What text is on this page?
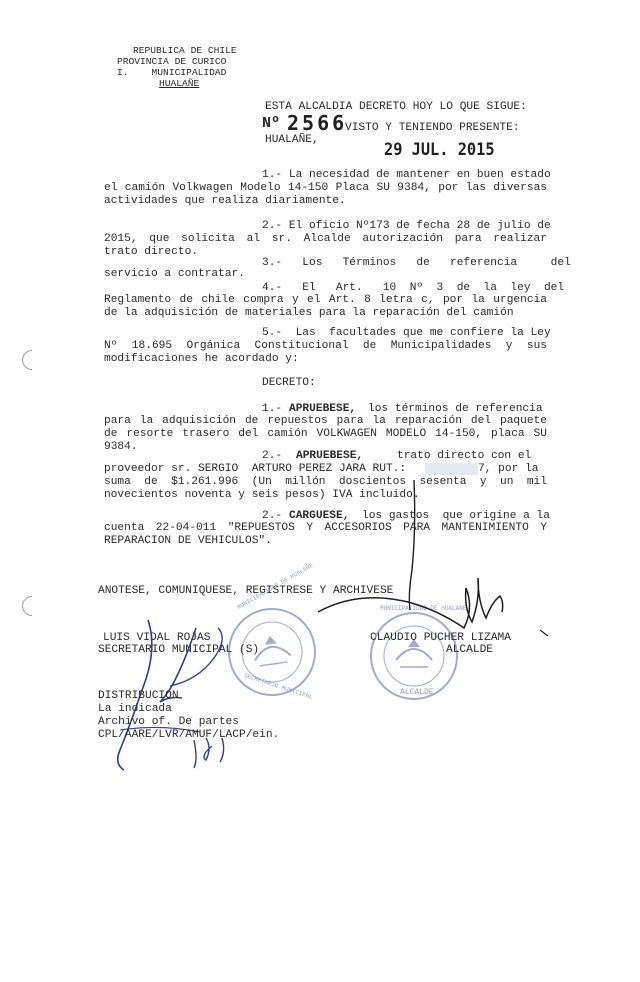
REPUBLICA DE CHILE
PROVINCIA DE CURICO
I.    MUNICIPALIDAD
HUALAÑE
ESTA ALCALDIA DECRETO HOY LO QUE SIGUE:
Nº 2566
VISTO Y TENIENDO PRESENTE:
HUALAÑE,	29 JUL. 2015
1.- La necesidad de mantener en buen estado
el camión Volkwagen Modelo 14-150 Placa SU 9384, por las diversas actividades que realiza diariamente.
2.- El oficio Nº173 de fecha 28 de julio de
2015, que solicita al sr. Alcalde autorización para realizar trato directo.
3.-   Los   Términos   de   referencia     del
servicio a contratar.
4.-   El   Art.   10  Nº  3  de  la  ley  del
Reglamento de chile compra y el Art. 8 letra c, por la urgencia de la adquisición de materiales para la reparación del camión
5.-  Las  facultades que me confiere la Ley
Nº 18.695 Orgánica Constitucional de Municipalidades y sus modificaciones he acordado y:
DECRETO:
1.- APRUEBESE, los términos de referencia
para la adquisición de repuestos para la reparación del paquete de resorte trasero del camión VOLKWAGEN MODELO 14-150, placa SU 9384.
2.- APRUEBESE,	trato directo con el
proveedor sr. SERGIO  ARTURO PEREZ JARA RUT.:	7, por la
suma de $1.261.996 (Un millón doscientos sesenta y un mil novecientos noventa y seis pesos) IVA incluido.
2.- CARGUESE, los gastos  que origine a la
cuenta 22-04-011 "REPUESTOS Y ACCESORIOS PARA MANTENIMIENTO Y REPARACION DE VEHICULOS".
ANOTESE, COMUNIQUESE, REGISTRESE Y ARCHIVESE
MUNICIPALIDAD DE HUALAÑE
SECRETARIO MUNICIPAL
MUNICIPALIDAD DE HUALAÑE
ALCALDE
LUIS VIDAL ROJAS
SECRETARIO MUNICIPAL (S)
CLAUDIO PUCHER LIZAMA
ALCALDE
DISTRIBUCION
La indicada
Archivo of. De partes
CPL/AARE/LVR/AMUF/LACP/ein.
